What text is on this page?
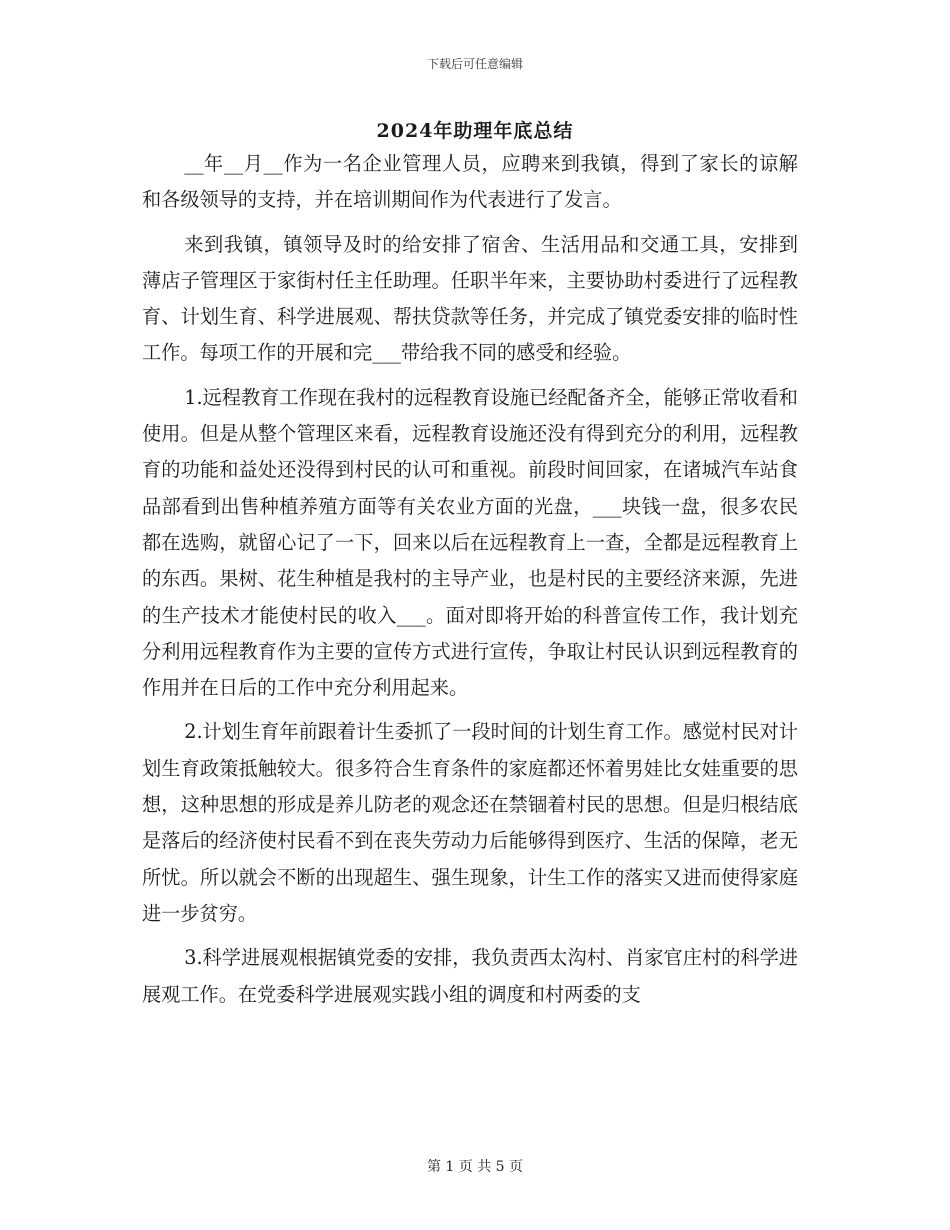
下载后可任意编辑
2024年助理年底总结

__年__月__作为一名企业管理人员，应聘来到我镇，得到了家长的谅解和各级领导的支持，并在培训期间作为代表进行了发言。

来到我镇，镇领导及时的给安排了宿舍、生活用品和交通工具，安排到薄店子管理区于家街村任主任助理。任职半年来，主要协助村委进行了远程教育、计划生育、科学进展观、帮扶贷款等任务，并完成了镇党委安排的临时性工作。每项工作的开展和完___带给我不同的感受和经验。

1.远程教育工作现在我村的远程教育设施已经配备齐全，能够正常收看和使用。但是从整个管理区来看，远程教育设施还没有得到充分的利用，远程教育的功能和益处还没得到村民的认可和重视。前段时间回家，在诸城汽车站食品部看到出售种植养殖方面等有关农业方面的光盘，___块钱一盘，很多农民都在选购，就留心记了一下，回来以后在远程教育上一查，全都是远程教育上的东西。果树、花生种植是我村的主导产业，也是村民的主要经济来源，先进的生产技术才能使村民的收入___。面对即将开始的科普宣传工作，我计划充分利用远程教育作为主要的宣传方式进行宣传，争取让村民认识到远程教育的作用并在日后的工作中充分利用起来。

2.计划生育年前跟着计生委抓了一段时间的计划生育工作。感觉村民对计划生育政策抵触较大。很多符合生育条件的家庭都还怀着男娃比女娃重要的思想，这种思想的形成是养儿防老的观念还在禁锢着村民的思想。但是归根结底是落后的经济使村民看不到在丧失劳动力后能够得到医疗、生活的保障，老无所忧。所以就会不断的出现超生、强生现象，计生工作的落实又进而使得家庭进一步贫穷。

3.科学进展观根据镇党委的安排，我负责西太沟村、肖家官庄村的科学进展观工作。在党委科学进展观实践小组的调度和村两委的支

第 1 页 共 5 页
